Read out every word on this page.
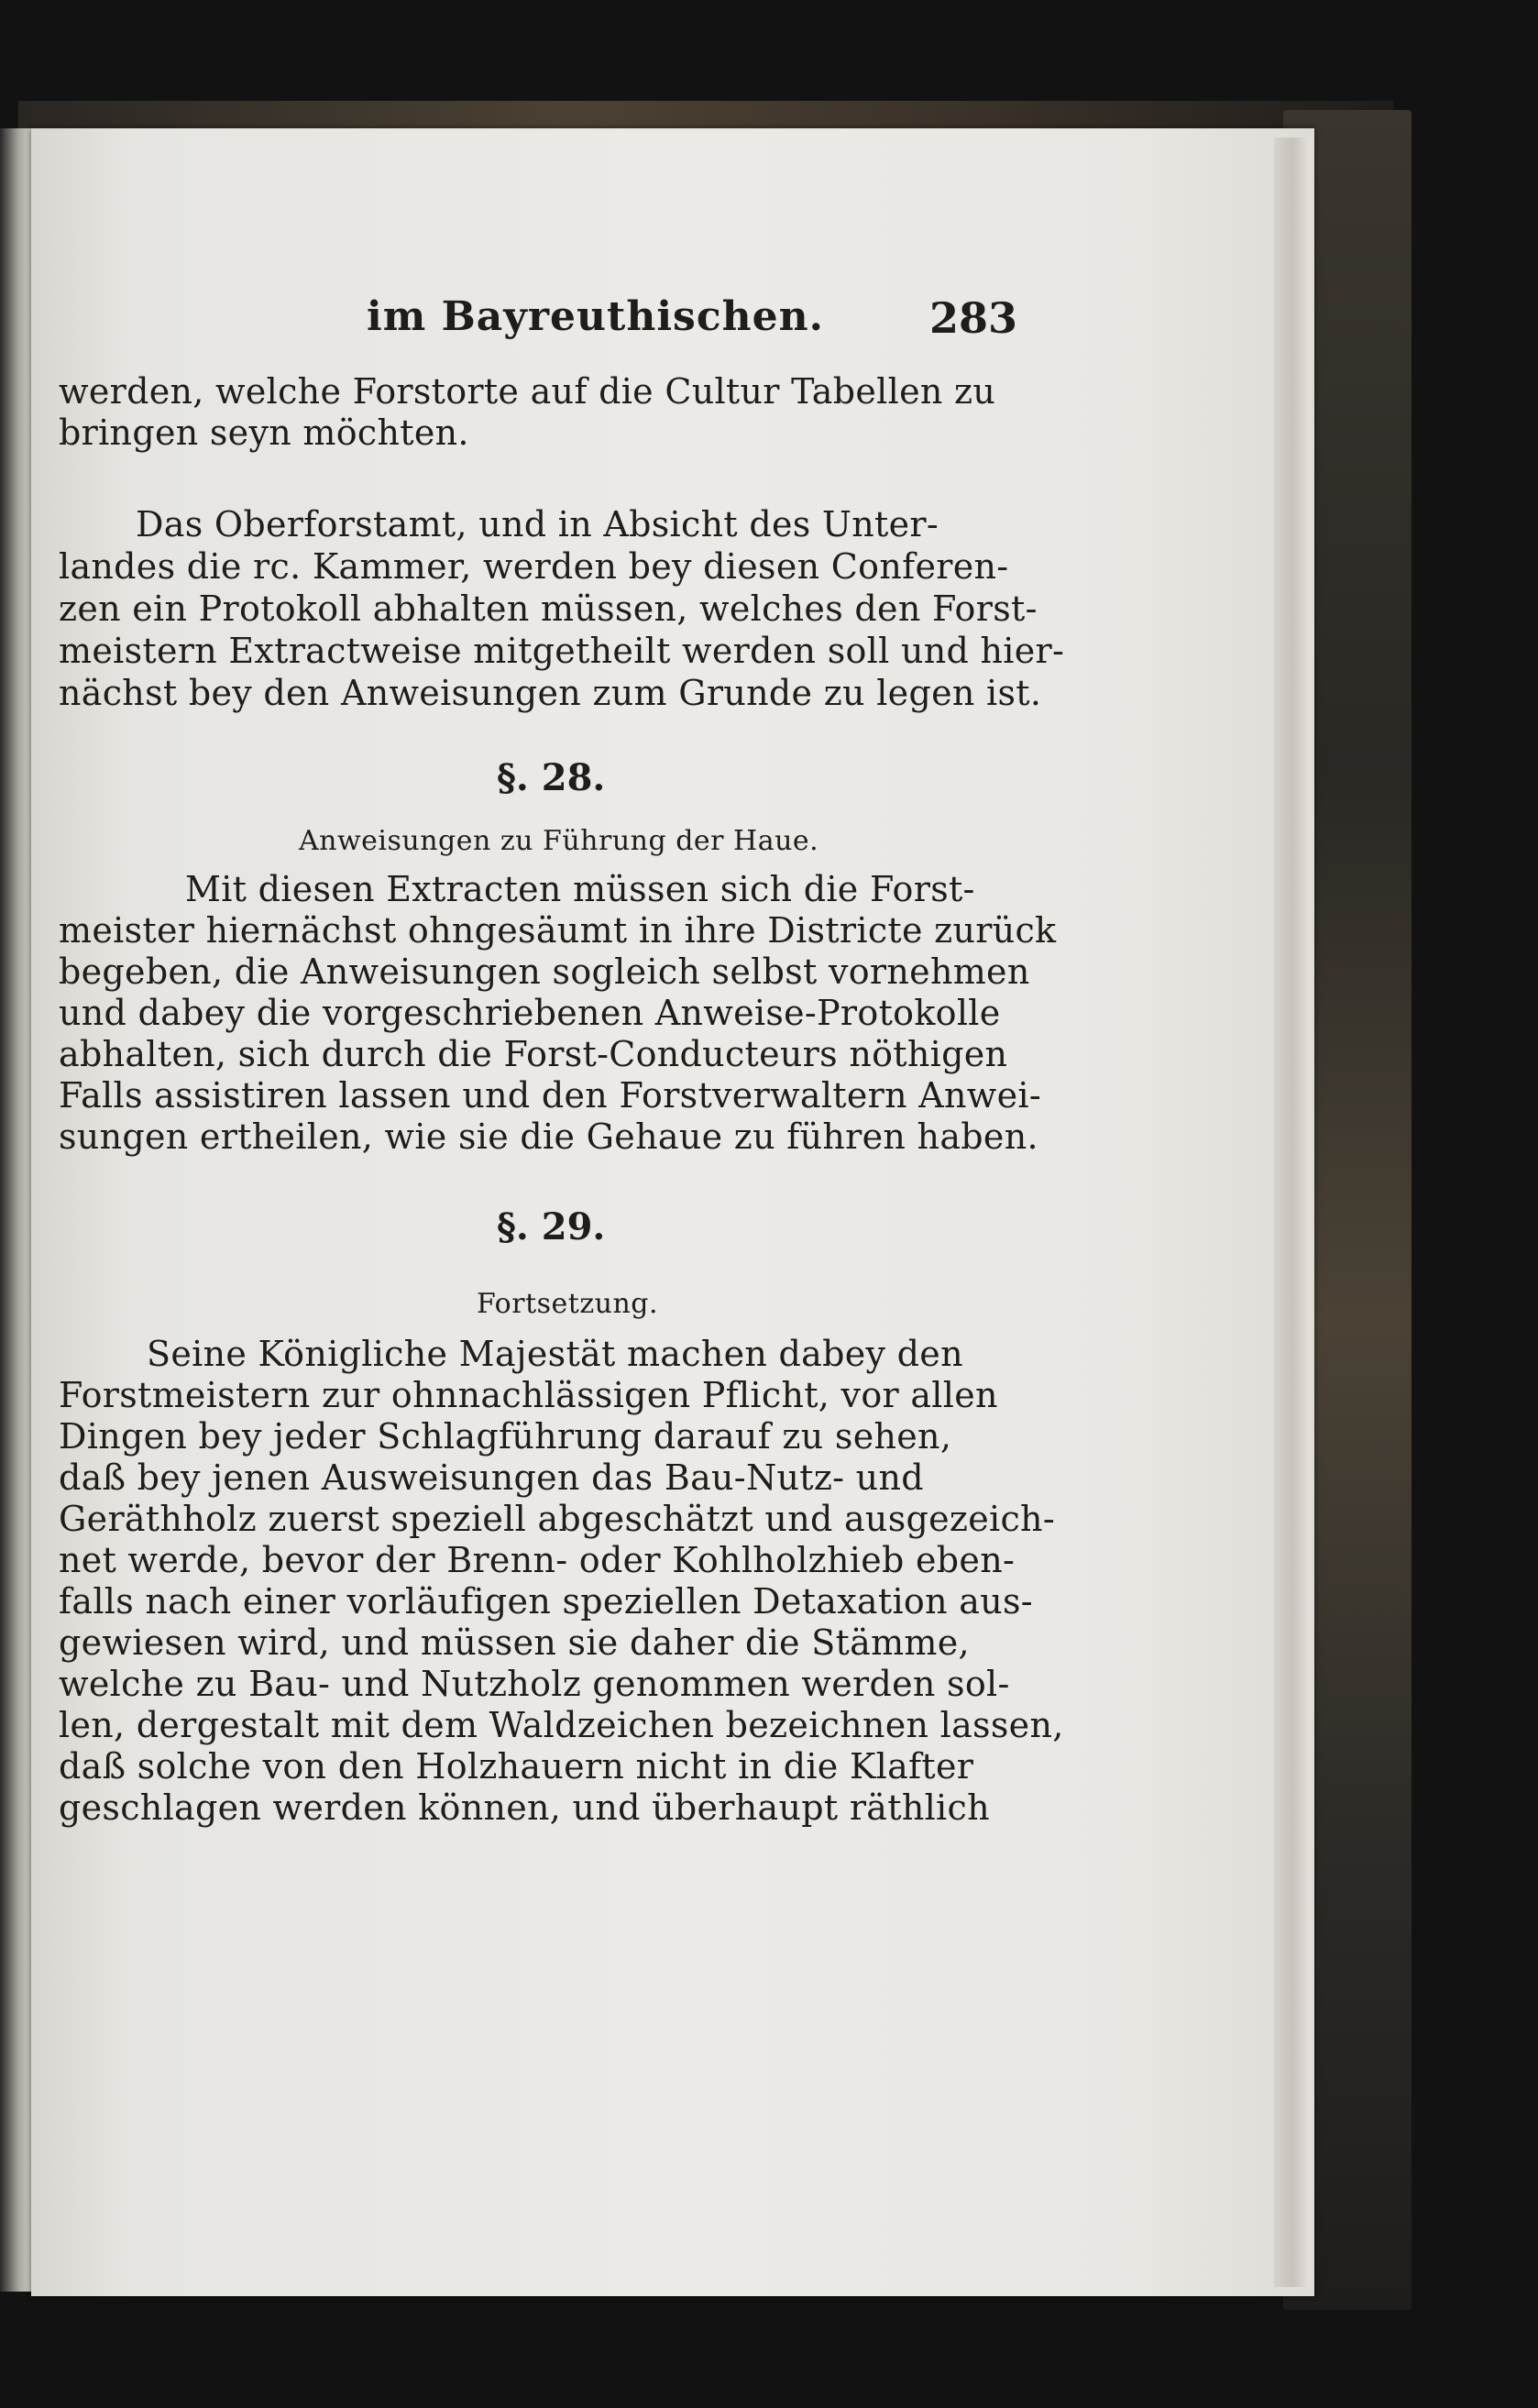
im Bayreuthischen.	283
werden, welche Forstorte auf die Cultur Tabellen zu
bringen seyn möchten.
Das Oberforstamt, und in Absicht des Unter-
landes die rc. Kammer, werden bey diesen Conferen-
zen ein Protokoll abhalten müssen, welches den Forst-
meistern Extractweise mitgetheilt werden soll und hier-
nächst bey den Anweisungen zum Grunde zu legen ist.
§. 28.
Anweisungen zu Führung der Haue.
Mit diesen Extracten müssen sich die Forst-
meister hiernächst ohngesäumt in ihre Districte zurück
begeben, die Anweisungen sogleich selbst vornehmen
und dabey die vorgeschriebenen Anweise-Protokolle
abhalten, sich durch die Forst-Conducteurs nöthigen
Falls assistiren lassen und den Forstverwaltern Anwei-
sungen ertheilen, wie sie die Gehaue zu führen haben.
§. 29.
Fortsetzung.
Seine Königliche Majestät machen dabey den
Forstmeistern zur ohnnachlässigen Pflicht, vor allen
Dingen bey jeder Schlagführung darauf zu sehen,
daß bey jenen Ausweisungen das Bau-Nutz- und
Geräthholz zuerst speziell abgeschätzt und ausgezeich-
net werde, bevor der Brenn- oder Kohlholzhieb eben-
falls nach einer vorläufigen speziellen Detaxation aus-
gewiesen wird, und müssen sie daher die Stämme,
welche zu Bau- und Nutzholz genommen werden sol-
len, dergestalt mit dem Waldzeichen bezeichnen lassen,
daß solche von den Holzhauern nicht in die Klafter
geschlagen werden können, und überhaupt räthlich
